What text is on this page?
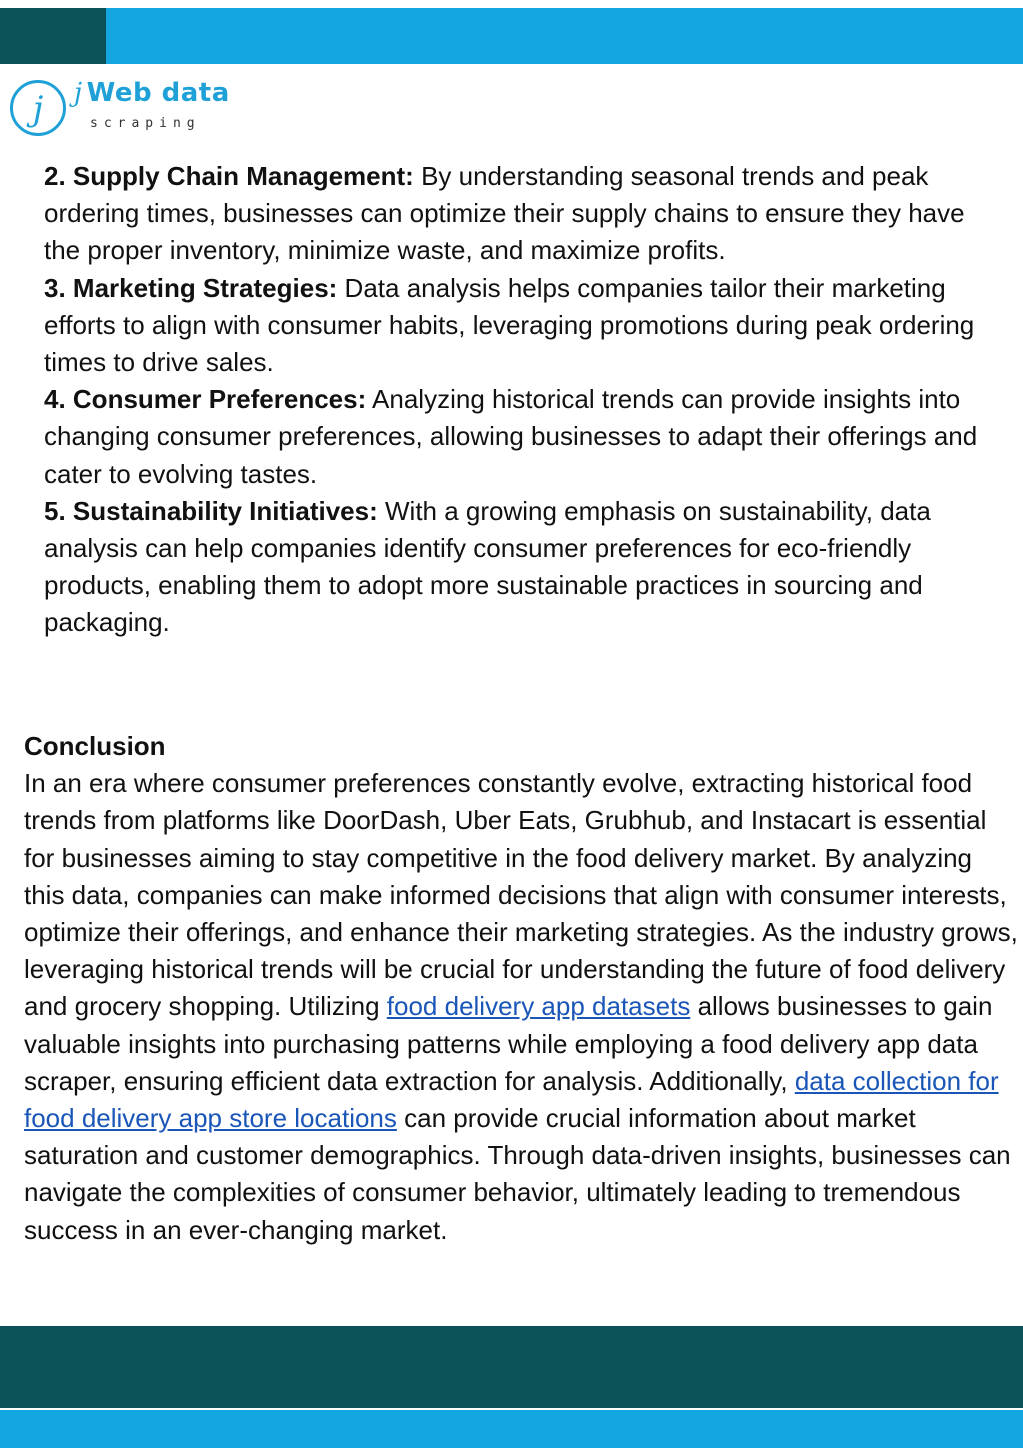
j	j Web data
scraping

2. Supply Chain Management: By understanding seasonal trends and peak ordering times, businesses can optimize their supply chains to ensure they have the proper inventory, minimize waste, and maximize profits.

3. Marketing Strategies: Data analysis helps companies tailor their marketing efforts to align with consumer habits, leveraging promotions during peak ordering times to drive sales.

4. Consumer Preferences: Analyzing historical trends can provide insights into changing consumer preferences, allowing businesses to adapt their offerings and cater to evolving tastes.

5. Sustainability Initiatives: With a growing emphasis on sustainability, data analysis can help companies identify consumer preferences for eco-friendly products, enabling them to adopt more sustainable practices in sourcing and packaging.

Conclusion

In an era where consumer preferences constantly evolve, extracting historical food trends from platforms like DoorDash, Uber Eats, Grubhub, and Instacart is essential for businesses aiming to stay competitive in the food delivery market. By analyzing this data, companies can make informed decisions that align with consumer interests, optimize their offerings, and enhance their marketing strategies. As the industry grows, leveraging historical trends will be crucial for understanding the future of food delivery and grocery shopping. Utilizing food delivery app datasets allows businesses to gain valuable insights into purchasing patterns while employing a food delivery app data scraper, ensuring efficient data extraction for analysis. Additionally, data collection for food delivery app store locations can provide crucial information about market saturation and customer demographics. Through data-driven insights, businesses can navigate the complexities of consumer behavior, ultimately leading to tremendous success in an ever-changing market.
